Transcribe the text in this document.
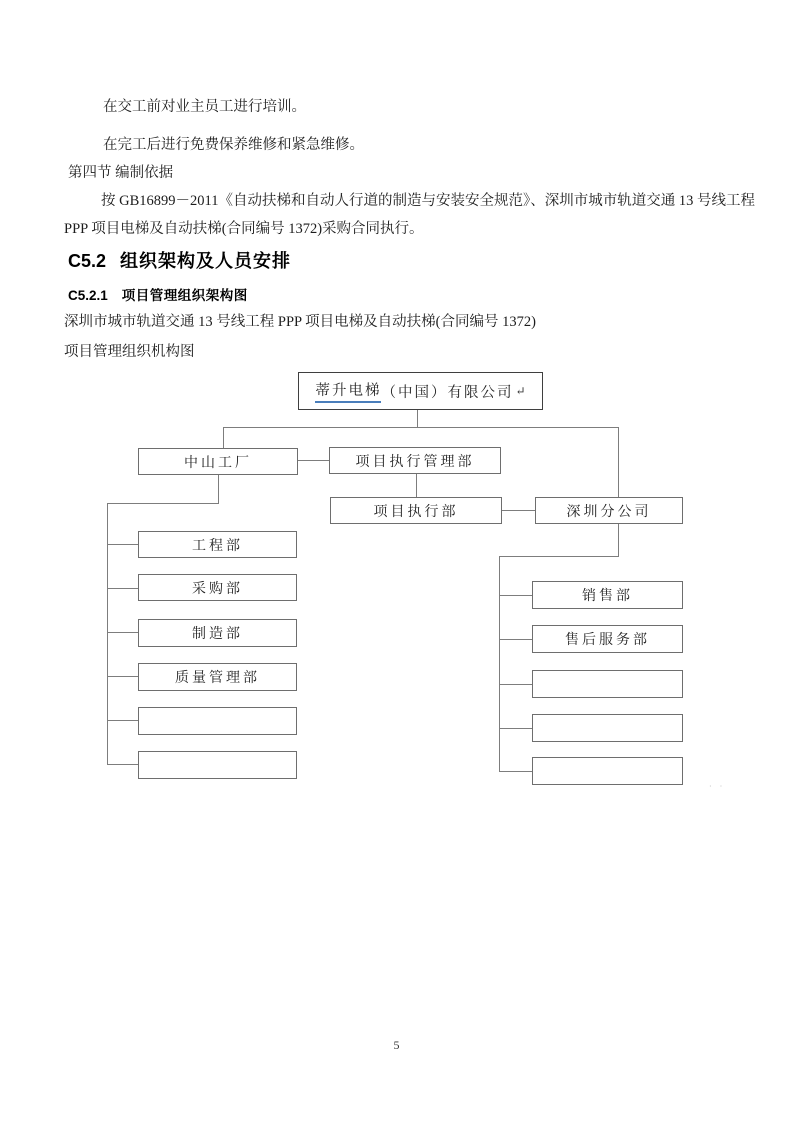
在交工前对业主员工进行培训。
在完工后进行免费保养维修和紧急维修。
第四节 编制依据
按 GB16899－2011《自动扶梯和自动人行道的制造与安装安全规范》、深圳市城市轨道交通 13 号线工程
PPP 项目电梯及自动扶梯(合同编号 1372)采购合同执行。
C5.2 组织架构及人员安排
C5.2.1 项目管理组织架构图
深圳市城市轨道交通 13 号线工程 PPP 项目电梯及自动扶梯(合同编号 1372)
项目管理组织机构图
蒂升电梯 （中国）有限公司 ↵
中山工厂	项目执行管理部
项目执行部	深圳分公司
工程部
采购部
制造部
质量管理部
销售部
售后服务部
· ·
5
